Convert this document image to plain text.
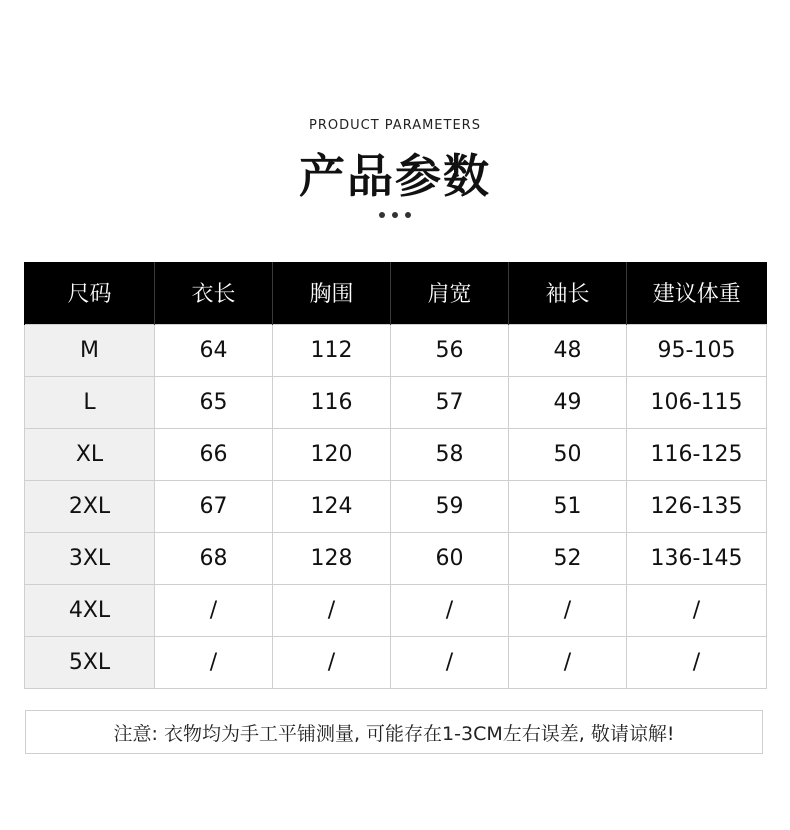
PRODUCT PARAMETERS
产品参数
尺码	衣长	胸围	肩宽	袖长	建议体重
M	64	112	56	48	95-105
L	65	116	57	49	106-115
XL	66	120	58	50	116-125
2XL	67	124	59	51	126-135
3XL	68	128	60	52	136-145
4XL	/	/	/	/	/
5XL	/	/	/	/	/
注意: 衣物均为手工平铺测量, 可能存在1-3CM左右误差, 敬请谅解!
